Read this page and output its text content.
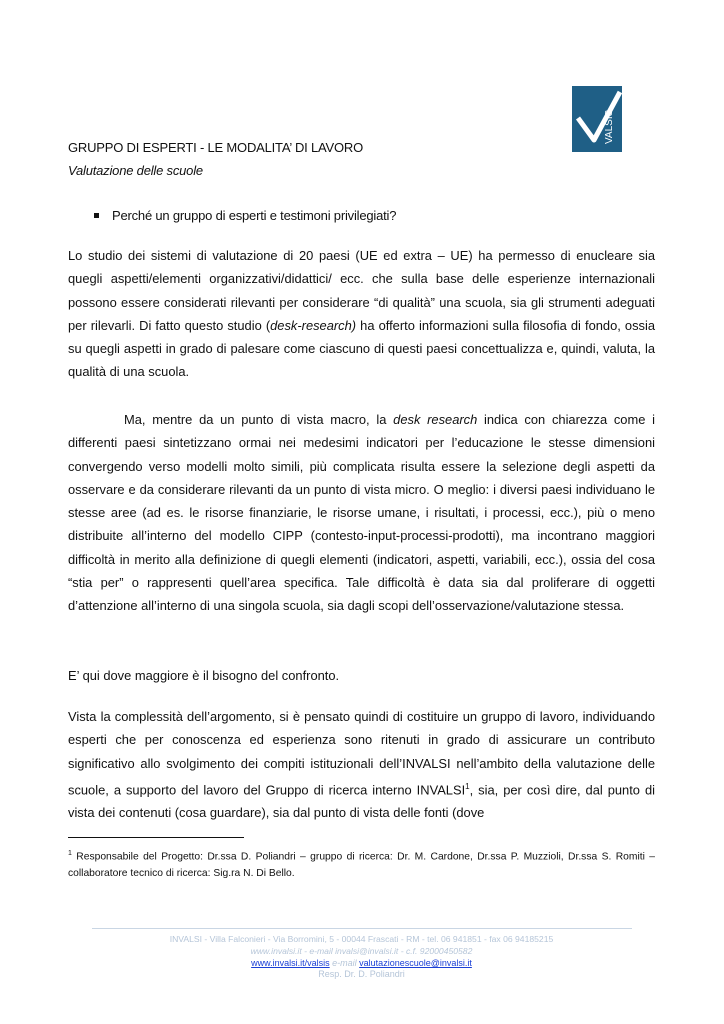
VALSIS
GRUPPO DI ESPERTI - LE MODALITA’ DI LAVORO
Valutazione delle scuole
Perché un gruppo di esperti e testimoni privilegiati?
Lo studio dei sistemi di valutazione di 20 paesi (UE ed extra – UE) ha permesso di enucleare sia quegli aspetti/elementi organizzativi/didattici/ ecc. che sulla base delle esperienze internazionali possono essere considerati rilevanti per considerare “di qualità” una scuola, sia gli strumenti adeguati per rilevarli. Di fatto questo studio (desk-research) ha offerto informazioni sulla filosofia di fondo, ossia su quegli aspetti in grado di palesare come ciascuno di questi paesi concettualizza e, quindi, valuta, la qualità di una scuola.
Ma, mentre da un punto di vista macro, la desk research indica con chiarezza come i differenti paesi sintetizzano ormai nei medesimi indicatori per l’educazione le stesse dimensioni convergendo verso modelli molto simili, più complicata risulta essere la selezione degli aspetti da osservare e da considerare rilevanti da un punto di vista micro. O meglio: i diversi paesi individuano le stesse aree (ad es. le risorse finanziarie, le risorse umane, i risultati, i processi, ecc.), più o meno distribuite all’interno del modello CIPP (contesto-input-processi-prodotti), ma incontrano maggiori difficoltà in merito alla definizione di quegli elementi (indicatori, aspetti, variabili, ecc.), ossia del cosa “stia per” o rappresenti quell’area specifica. Tale difficoltà è data sia dal proliferare di oggetti d’attenzione all’interno di una singola scuola, sia dagli scopi dell’osservazione/valutazione stessa.
E’ qui dove maggiore è il bisogno del confronto.
Vista la complessità dell’argomento, si è pensato quindi di costituire un gruppo di lavoro, individuando esperti che per conoscenza ed esperienza sono ritenuti in grado di assicurare un contributo significativo allo svolgimento dei compiti istituzionali dell’INVALSI nell’ambito della valutazione delle scuole, a supporto del lavoro del Gruppo di ricerca interno INVALSI$^1$, sia, per così dire, dal punto di vista dei contenuti (cosa guardare), sia dal punto di vista delle fonti (dove
$^1$ Responsabile del Progetto: Dr.ssa D. Poliandri – gruppo di ricerca: Dr. M. Cardone, Dr.ssa P. Muzzioli, Dr.ssa S. Romiti – collaboratore tecnico di ricerca: Sig.ra N. Di Bello.
INVALSI - Villa Falconieri - Via Borromini, 5 - 00044 Frascati - RM - tel. 06 941851 - fax 06 94185215
www.invalsi.it - e-mail invalsi@invalsi.it - c.f. 92000450582
www.invalsi.it/valsis e-mail valutazionescuole@invalsi.it
Resp. Dr. D. Poliandri
